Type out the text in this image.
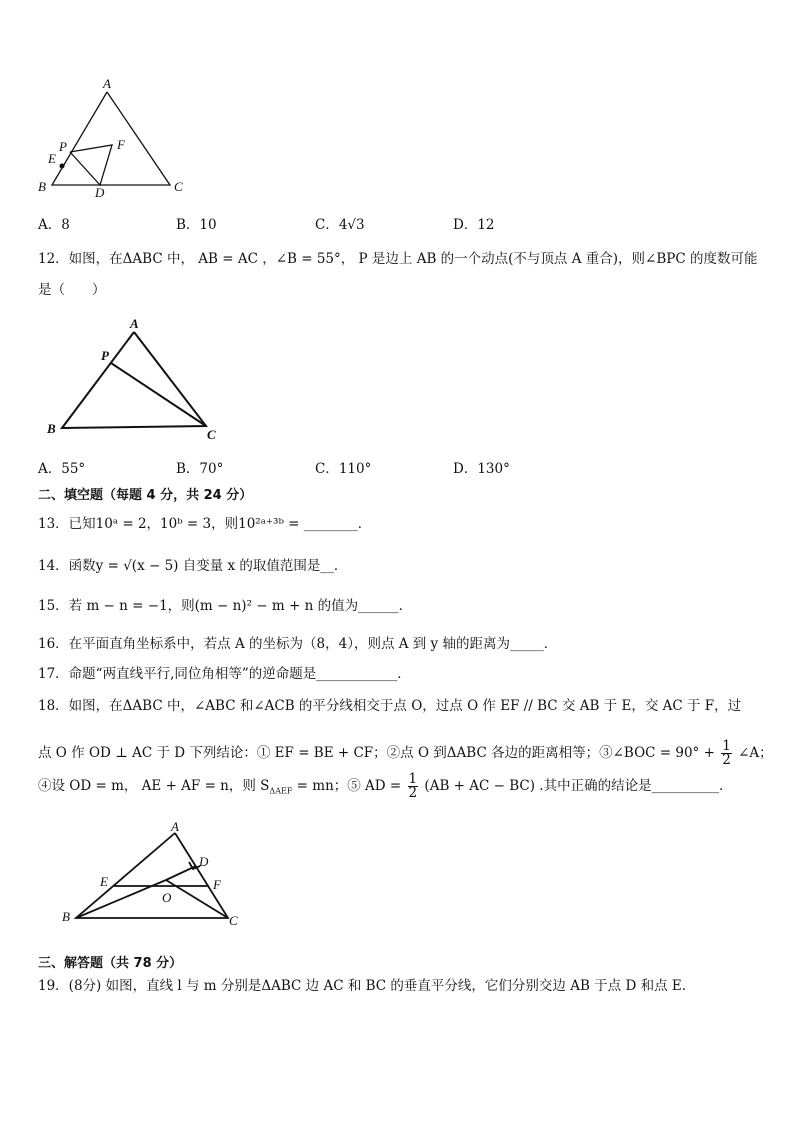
A
P	F
E
B	D	C
A．8	B．10	C．4√3	D．12
12．如图，在ΔABC 中， AB = AC ，∠B = 55°， P 是边上 AB 的一个动点(不与顶点 A 重合)，则∠BPC 的度数可能
是（　　）
A
P
B	C
A．55°	B．70°	C．110°	D．130°
二、填空题（每题 4 分，共 24 分）
13．已知10ᵃ = 2，10ᵇ = 3，则10²ᵃ⁺³ᵇ = ________．
14．函数y = √(x − 5) 自变量 x 的取值范围是__．
15．若 m − n = −1，则(m − n)² − m + n 的值为______．
16．在平面直角坐标系中，若点 A 的坐标为（8，4），则点 A 到 y 轴的距离为_____．
17．命题“两直线平行,同位角相等”的逆命题是____________．
18．如图，在ΔABC 中，∠ABC 和∠ACB 的平分线相交于点 O，过点 O 作 EF // BC 交 AB 于 E，交 AC 于 F，过
点 O 作 OD ⊥ AC 于 D 下列结论：① EF = BE + CF；②点 O 到ΔABC 各边的距离相等；③∠BOC = $90^\circ + \frac{1}{2}$ ∠A；
④设 OD = m， AE + AF = n，则 $S_{\Delta AEF}$ = mn；⑤ AD = $\frac{1}{2} (AB$ + AC − BC) .其中正确的结论是__________．
A
D
E	F
O
B	C
三、解答题（共 78 分）
19．(8分) 如图，直线 l 与 m 分别是ΔABC 边 AC 和 BC 的垂直平分线，它们分别交边 AB 于点 D 和点 E.
